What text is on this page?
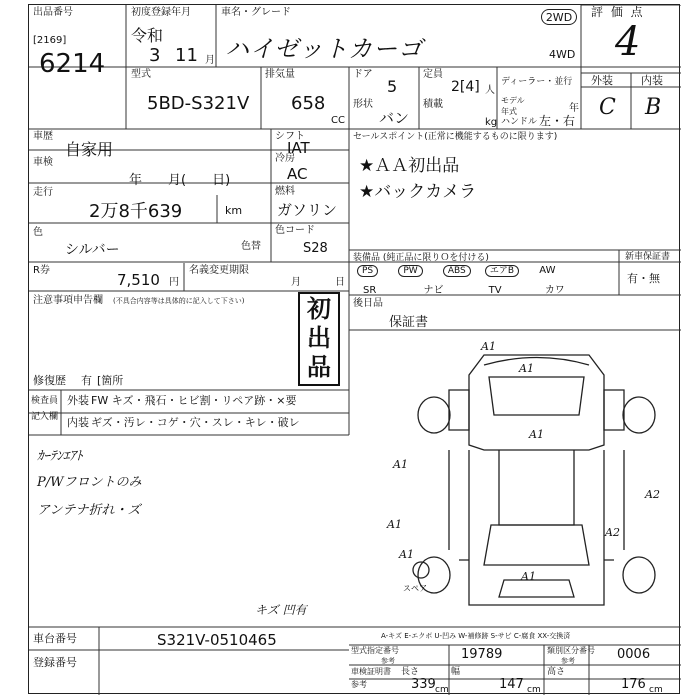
出品番号
[2169]
6214
初度登録年月
令和
3 11 月
車名・グレード
ハイゼットカーゴ
2WD
4WD
評 価 点
4
外装	内装
C B
型式
5BD-S321V
排気量
658
CC
ドア
5
定員
2[4] 人
形状
バン
積載
kg
ディーラー・並行
モデル年式	年
ハンドル 左・右
車歴
自家用
車検
年　　月(　　日)
走行
2万8千639	km
色
シルバー	色替
シフト
IAT
冷房
AC
燃料
ガソリン
色コード
S28
R券
7,510 円
名義変更期限
月	日
注意事項申告欄 (不具合内容等は具体的に記入して下さい)
修復歴 有 [箇所
初
出
品
セールスポイント(正常に機能するものに限ります)
★ＡＡ初出品
★バックカメラ
装備品 (純正品に限りＯを付ける)
PS	PW	ABS	エアB	AW
SR	ナビ	TV	カワ
新車保証書
有・無
後日品
保証書
検査員記入欄
外装 FW キズ・飛石・ヒビ割・リペア跡・×要
内装 ギズ・汚レ・コゲ・穴・スレ・キレ・破レ
ｶｰﾃﾝｴｱﾄ
P/Wフロントのみ
アンテナ折れ・ズ
A1
A1
A1
A1
A1
A2
A1
A2
A1
スペア
キズ 凹有
A-キズ E-エクボ U-凹み W-補修跡 S-サビ C-腐食 XX-交換済
車台番号	S321V-0510465
登録番号
型式指定番号
参考	19789	類別区分番号
参考	0006
車検証明書
参考
長さ
339 cm
幅
147 cm
高さ
176 cm
